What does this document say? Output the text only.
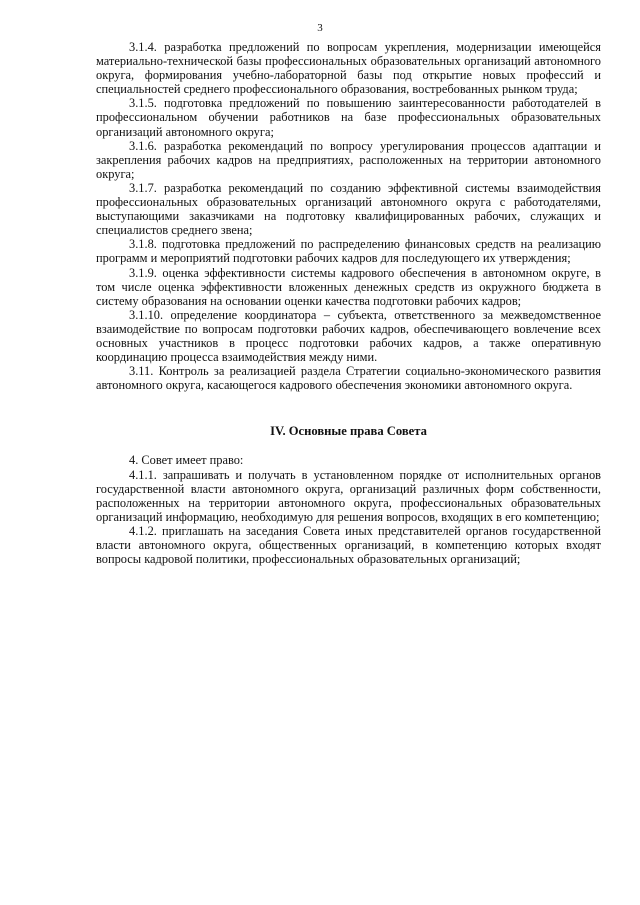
3

3.1.4. разработка предложений по вопросам укрепления, модернизации имеющейся материально-технической базы профессиональных образовательных организаций автономного округа, формирования учебно-лабораторной базы под открытие новых профессий и специальностей среднего профессионального образования, востребованных рынком труда;

3.1.5. подготовка предложений по повышению заинтересованности работодателей в профессиональном обучении работников на базе профессиональных образовательных организаций автономного округа;

3.1.6. разработка рекомендаций по вопросу урегулирования процессов адаптации и закрепления рабочих кадров на предприятиях, расположенных на территории автономного округа;

3.1.7. разработка рекомендаций по созданию эффективной системы взаимодействия профессиональных образовательных организаций автономного округа с работодателями, выступающими заказчиками на подготовку квалифицированных рабочих, служащих и специалистов среднего звена;

3.1.8. подготовка предложений по распределению финансовых средств на реализацию программ и мероприятий подготовки рабочих кадров для последующего их утверждения;

3.1.9. оценка эффективности системы кадрового обеспечения в автономном округе, в том числе оценка эффективности вложенных денежных средств из окружного бюджета в систему образования на основании оценки качества подготовки рабочих кадров;

3.1.10. определение координатора – субъекта, ответственного за межведомственное взаимодействие по вопросам подготовки рабочих кадров, обеспечивающего вовлечение всех основных участников в процесс подготовки рабочих кадров, а также оперативную координацию процесса взаимодействия между ними.

3.11. Контроль за реализацией раздела Стратегии социально-экономического развития автономного округа, касающегося кадрового обеспечения экономики автономного округа.

IV. Основные права Совета

4. Совет имеет право:

4.1.1. запрашивать и получать в установленном порядке от исполнительных органов государственной власти автономного округа, организаций различных форм собственности, расположенных на территории автономного округа, профессиональных образовательных организаций информацию, необходимую для решения вопросов, входящих в его компетенцию;

4.1.2. приглашать на заседания Совета иных представителей органов государственной власти автономного округа, общественных организаций, в компетенцию которых входят вопросы кадровой политики, профессиональных образовательных организаций;
